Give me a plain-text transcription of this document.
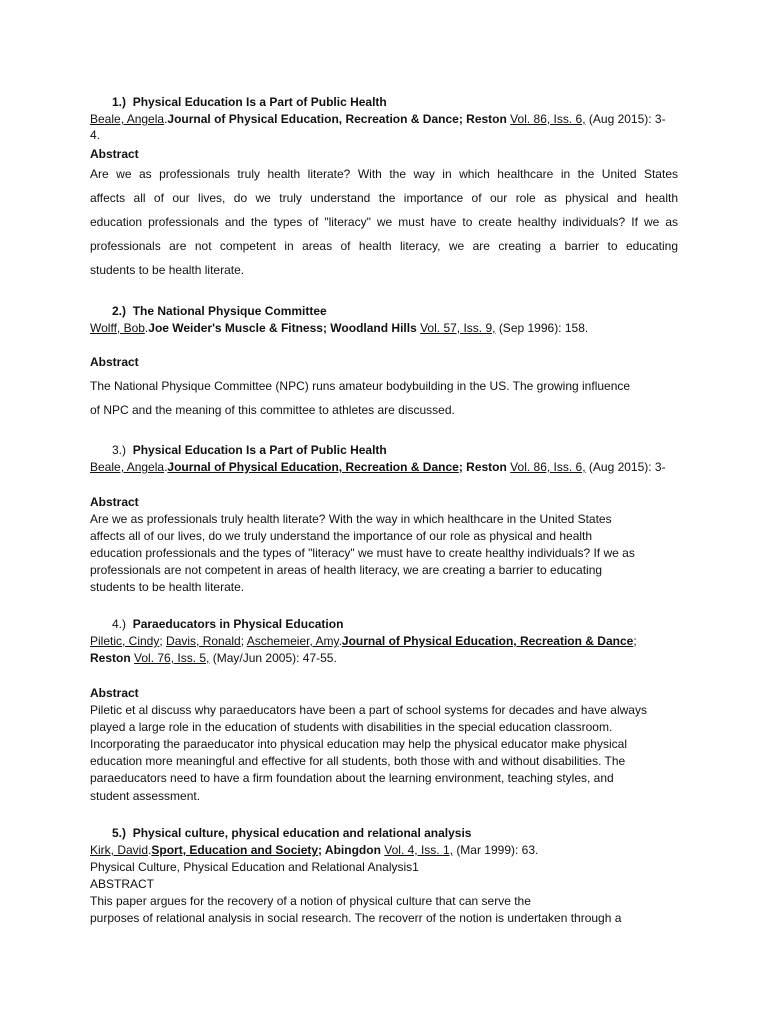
1.) Physical Education Is a Part of Public Health
Beale, Angela.Journal of Physical Education, Recreation & Dance; Reston Vol. 86, Iss. 6, (Aug 2015): 3-
4.
Abstract
Are we as professionals truly health literate? With the way in which healthcare in the United States
affects all of our lives, do we truly understand the importance of our role as physical and health
education professionals and the types of "literacy" we must have to create healthy individuals? If we as
professionals are not competent in areas of health literacy, we are creating a barrier to educating
students to be health literate.
2.) The National Physique Committee
Wolff, Bob.Joe Weider's Muscle & Fitness; Woodland Hills Vol. 57, Iss. 9, (Sep 1996): 158.
Abstract
The National Physique Committee (NPC) runs amateur bodybuilding in the US. The growing influence
of NPC and the meaning of this committee to athletes are discussed.
3.) Physical Education Is a Part of Public Health
Beale, Angela.Journal of Physical Education, Recreation & Dance; Reston Vol. 86, Iss. 6, (Aug 2015): 3-
Abstract
Are we as professionals truly health literate? With the way in which healthcare in the United States
affects all of our lives, do we truly understand the importance of our role as physical and health
education professionals and the types of "literacy" we must have to create healthy individuals? If we as
professionals are not competent in areas of health literacy, we are creating a barrier to educating
students to be health literate.
4.) Paraeducators in Physical Education
Piletic, Cindy; Davis, Ronald; Aschemeier, Amy.Journal of Physical Education, Recreation & Dance;
Reston Vol. 76, Iss. 5, (May/Jun 2005): 47-55.
Abstract
Piletic et al discuss why paraeducators have been a part of school systems for decades and have always
played a large role in the education of students with disabilities in the special education classroom.
Incorporating the paraeducator into physical education may help the physical educator make physical
education more meaningful and effective for all students, both those with and without disabilities. The
paraeducators need to have a firm foundation about the learning environment, teaching styles, and
student assessment.
5.) Physical culture, physical education and relational analysis
Kirk, David.Sport, Education and Society; Abingdon Vol. 4, Iss. 1, (Mar 1999): 63.
Physical Culture, Physical Education and Relational Analysis1
ABSTRACT
This paper argues for the recovery of a notion of physical culture that can serve the
purposes of relational analysis in social research. The recoverr of the notion is undertaken through a
